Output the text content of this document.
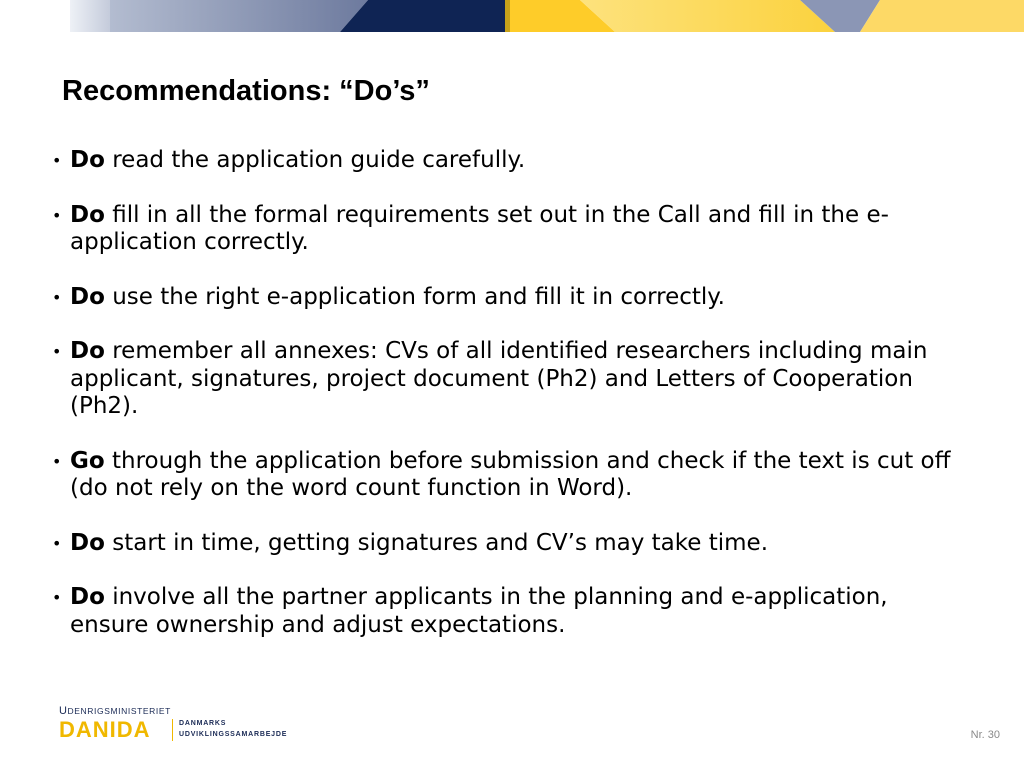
Recommendations: “Do’s”
• Do read the application guide carefully.
• Do fill in all the formal requirements set out in the Call and fill in the e-application correctly.
• Do use the right e-application form and fill it in correctly.
• Do remember all annexes: CVs of all identified researchers including main applicant, signatures, project document (Ph2) and Letters of Cooperation (Ph2).
• Go through the application before submission and check if the text is cut off (do not rely on the word count function in Word).
• Do start in time, getting signatures and CV’s may take time.
• Do involve all the partner applicants in the planning and e-application, ensure ownership and adjust expectations.
UDENRIGSMINISTERIET
DANIDA	DANMARKS
UDVIKLINGSSAMARBEJDE	Nr. 30
